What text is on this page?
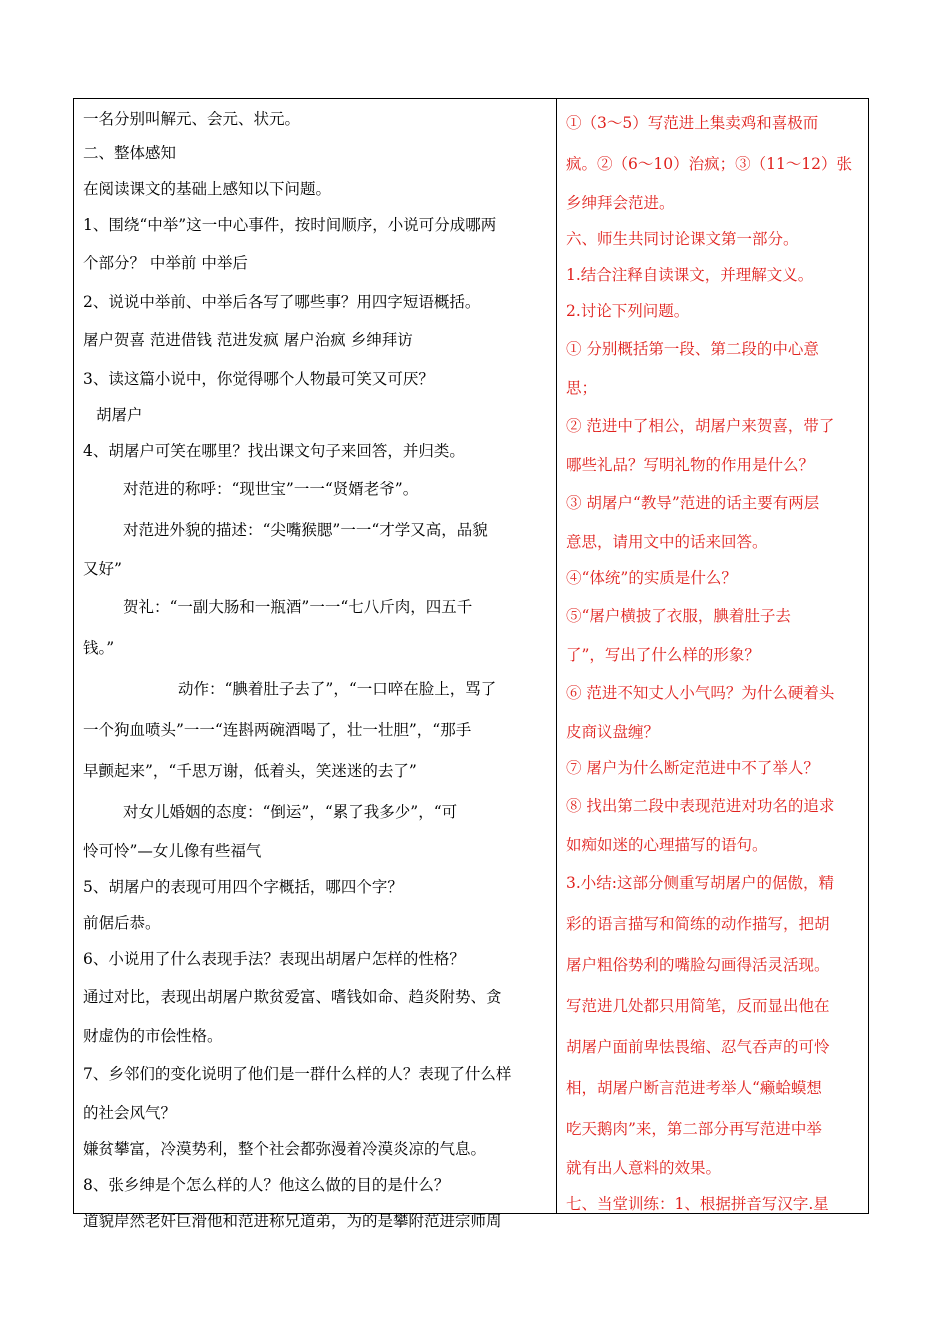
一名分别叫解元、会元、状元。
二、整体感知
在阅读课文的基础上感知以下问题。
1、围绕“中举”这一中心事件，按时间顺序，小说可分成哪两
个部分？ 中举前 中举后
2、说说中举前、中举后各写了哪些事？用四字短语概括。
屠户贺喜 范进借钱 范进发疯 屠户治疯 乡绅拜访
3、读这篇小说中，你觉得哪个人物最可笑又可厌？
胡屠户
4、胡屠户可笑在哪里？找出课文句子来回答，并归类。
对范进的称呼：“现世宝”一一“贤婿老爷”。
对范进外貌的描述：“尖嘴猴腮”一一“才学又高，品貌
又好”
贺礼：“一副大肠和一瓶酒”一一“七八斤肉，四五千
钱。”
动作：“腆着肚子去了”，“一口啐在脸上，骂了
一个狗血喷头”一一“连斟两碗酒喝了，壮一壮胆”，“那手
早颤起来”，“千思万谢，低着头，笑迷迷的去了”
对女儿婚姻的态度：“倒运”，“累了我多少”，“可
怜可怜”—女儿像有些福气
5、胡屠户的表现可用四个字概括，哪四个字？
前倨后恭。
6、小说用了什么表现手法？表现出胡屠户怎样的性格？
通过对比，表现出胡屠户欺贫爱富、嗜钱如命、趋炎附势、贪
财虚伪的市侩性格。
7、乡邻们的变化说明了他们是一群什么样的人？表现了什么样
的社会风气？
嫌贫攀富，冷漠势利，整个社会都弥漫着冷漠炎凉的气息。
8、张乡绅是个怎么样的人？他这么做的目的是什么？
道貌岸然老奸巨滑他和范进称兄道弟，为的是攀附范进宗师周
①（3～5）写范进上集卖鸡和喜极而
疯。②（6～10）治疯；③（11～12）张
乡绅拜会范进。
六、师生共同讨论课文第一部分。
1.结合注释自读课文，并理解文义。
2.讨论下列问题。
① 分别概括第一段、第二段的中心意
思；
② 范进中了相公，胡屠户来贺喜，带了
哪些礼品？写明礼物的作用是什么？
③ 胡屠户“教导”范进的话主要有两层
意思，请用文中的话来回答。
④“体统”的实质是什么？
⑤“屠户横披了衣服，腆着肚子去
了”，写出了什么样的形象？
⑥ 范进不知丈人小气吗？为什么硬着头
皮商议盘缠？
⑦ 屠户为什么断定范进中不了举人？
⑧ 找出第二段中表现范进对功名的追求
如痴如迷的心理描写的语句。
3.小结:这部分侧重写胡屠户的倨傲，精
彩的语言描写和简练的动作描写，把胡
屠户粗俗势利的嘴脸勾画得活灵活现。
写范进几处都只用简笔，反而显出他在
胡屠户面前卑怯畏缩、忍气吞声的可怜
相，胡屠户断言范进考举人“癞蛤蟆想
吃天鹅肉”来，第二部分再写范进中举
就有出人意料的效果。
七、当堂训练：1、根据拼音写汉字.星
